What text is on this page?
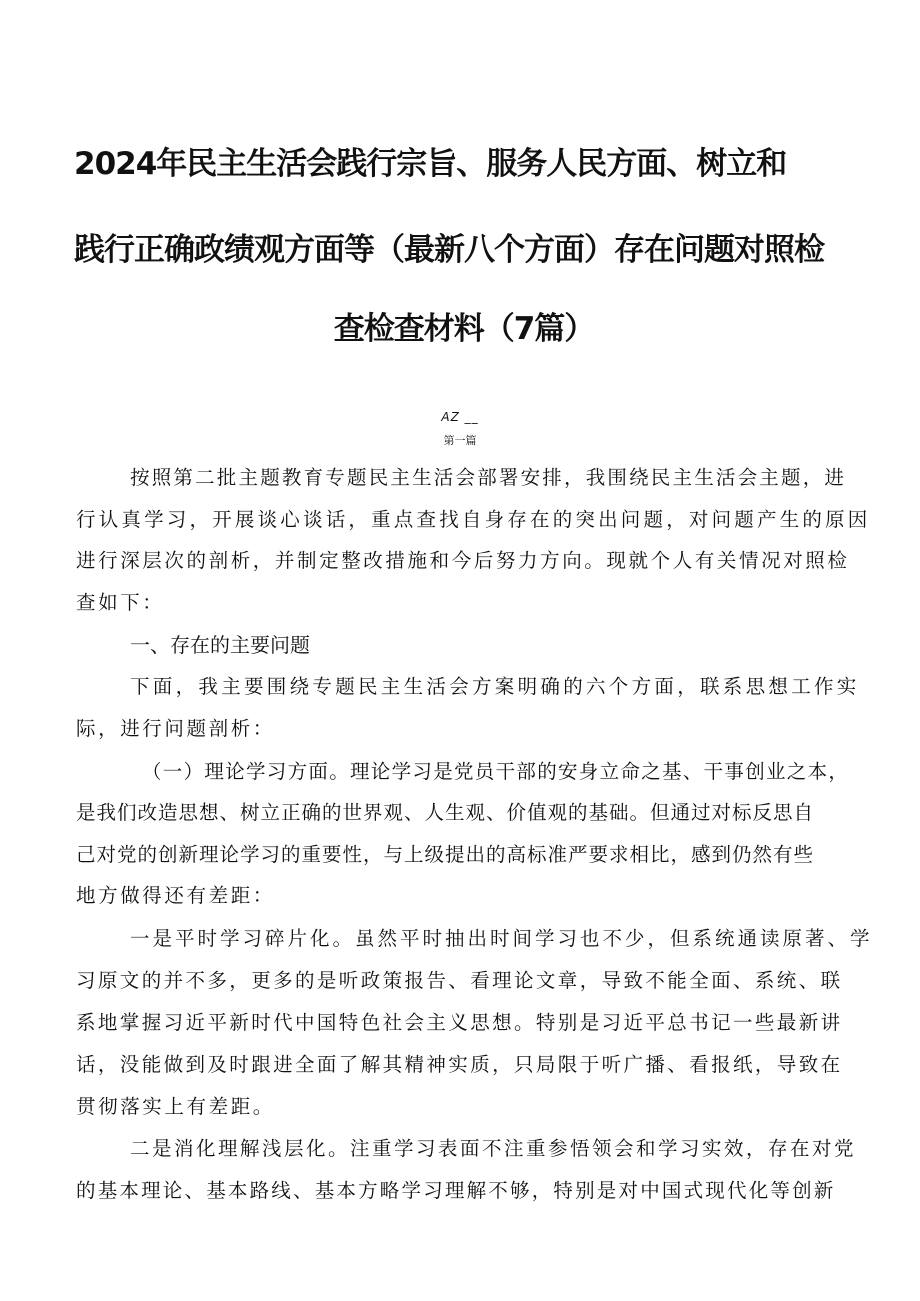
2024年民主生活会践行宗旨、服务人民方面、树立和
践行正确政绩观方面等（最新八个方面）存在问题对照检
查检查材料（7篇）
AZ __
第一篇
按照第二批主题教育专题民主生活会部署安排，我围绕民主生活会主题，进
行认真学习，开展谈心谈话，重点查找自身存在的突出问题，对问题产生的原因
进行深层次的剖析，并制定整改措施和今后努力方向。现就个人有关情况对照检
查如下：
一、存在的主要问题
下面，我主要围绕专题民主生活会方案明确的六个方面，联系思想工作实
际，进行问题剖析：
（一）理论学习方面。理论学习是党员干部的安身立命之基、干事创业之本，
是我们改造思想、树立正确的世界观、人生观、价值观的基础。但通过对标反思自
己对党的创新理论学习的重要性，与上级提出的高标准严要求相比，感到仍然有些
地方做得还有差距：
一是平时学习碎片化。虽然平时抽出时间学习也不少，但系统通读原著、学
习原文的并不多，更多的是听政策报告、看理论文章，导致不能全面、系统、联
系地掌握习近平新时代中国特色社会主义思想。特别是习近平总书记一些最新讲
话，没能做到及时跟进全面了解其精神实质，只局限于听广播、看报纸，导致在
贯彻落实上有差距。
二是消化理解浅层化。注重学习表面不注重参悟领会和学习实效，存在对党
的基本理论、基本路线、基本方略学习理解不够，特别是对中国式现代化等创新
